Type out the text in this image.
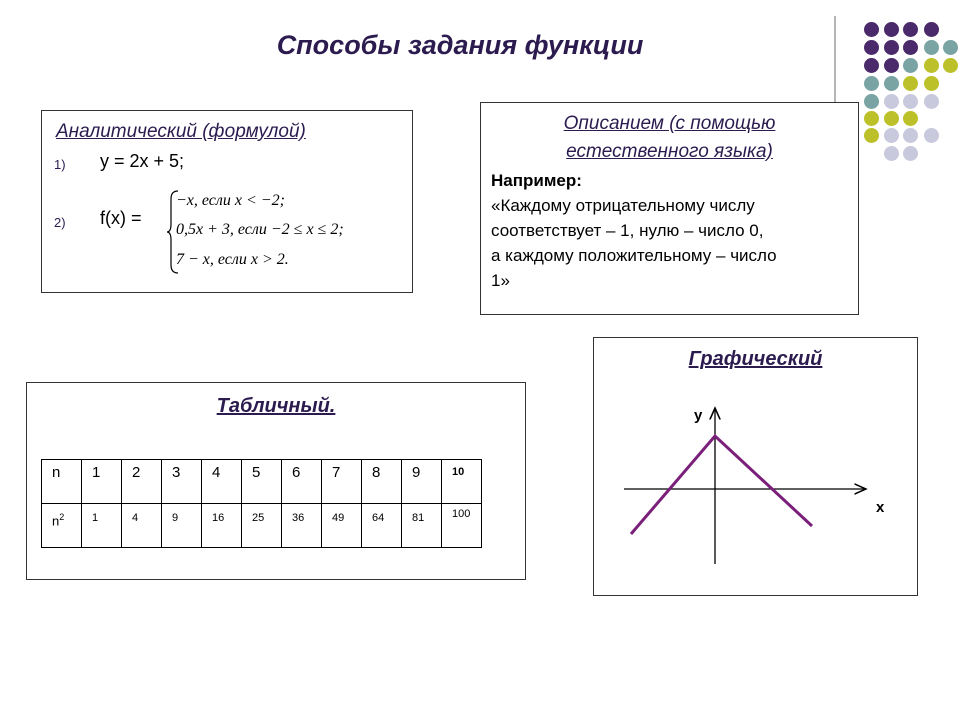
Способы задания функции
Аналитический (формулой)
1) y = 2x + 5;
2) f(x) =
−x, если x < −2;
0,5x + 3, если −2 ≤ x ≤ 2;
7 − x, если x > 2.
Описанием (с помощью
естественного языка)
Например:
«Каждому отрицательному числу
соответствует – 1, нулю – число 0,
а каждому положительному – число
1»
Табличный.
n	1	2	3	4	5	6	7	8	9	10
$n^2$	1	4	9	16	25	36	49	64	81	100
Графический
y
x
